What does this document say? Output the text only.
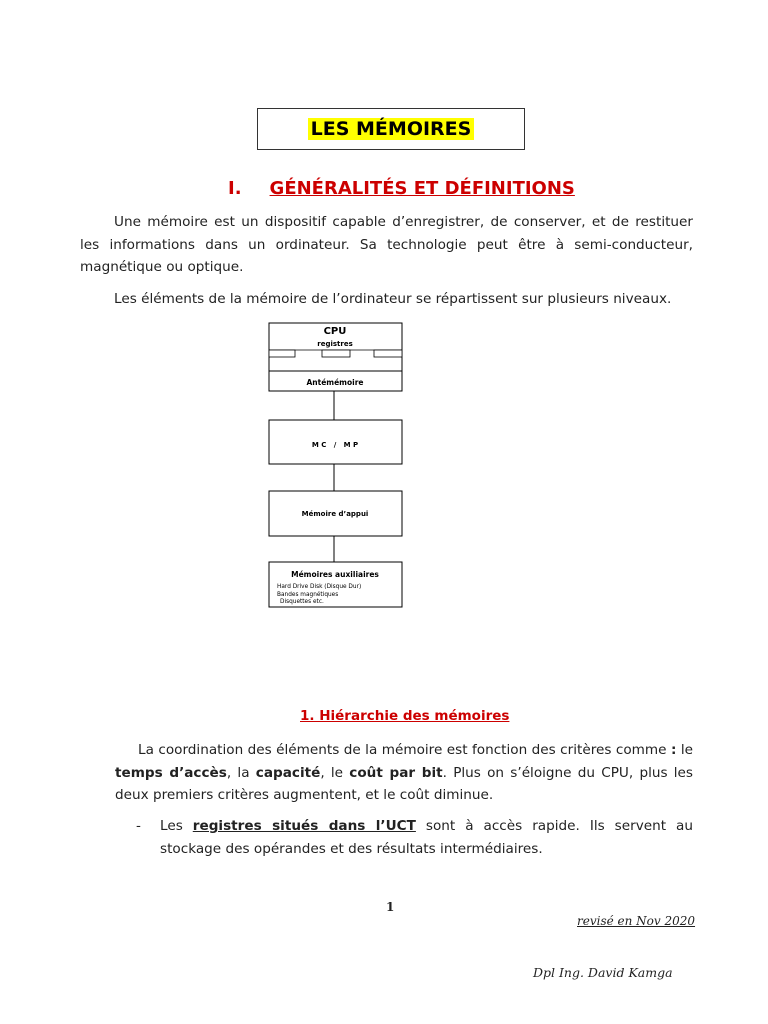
LES MÉMOIRES
I. GÉNÉRALITÉS ET DÉFINITIONS
Une mémoire est un dispositif capable d’enregistrer, de conserver, et de restituer les informations dans un ordinateur. Sa technologie peut être à semi-conducteur, magnétique ou optique.
Les éléments de la mémoire de l’ordinateur se répartissent sur plusieurs niveaux.
CPU
registres
Antémémoire
M C   /   M P
Mémoire d’appui
Mémoires auxiliaires
Hard Drive Disk (Disque Dur)
Bandes magnétiques
Disquettes etc.
1. Hiérarchie des mémoires
La coordination des éléments de la mémoire est fonction des critères comme : le temps d’accès, la capacité, le coût par bit. Plus on s’éloigne du CPU, plus les deux premiers critères augmentent, et le coût diminue.
- Les registres situés dans l’UCT sont à accès rapide. Ils servent au stockage des opérandes et des résultats intermédiaires.
1
revisé en Nov 2020
Dpl Ing. David Kamga
